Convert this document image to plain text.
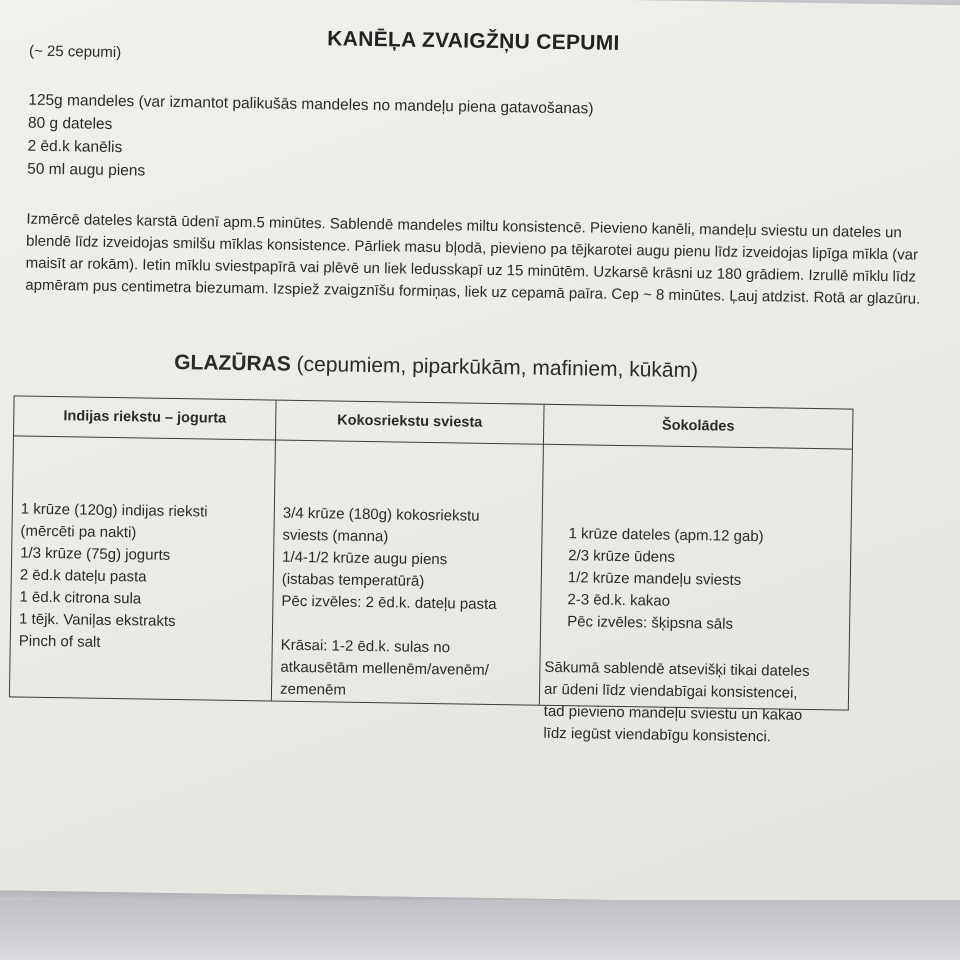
KANĒĻA ZVAIGŽŅU CEPUMI
(~ 25 cepumi)
125g mandeles (var izmantot palikušās mandeles no mandeļu piena gatavošanas)
80 g dateles
2 ēd.k kanēlis
50 ml augu piens
Izmērcē dateles karstā ūdenī apm.5 minūtes. Sablendē mandeles miltu konsistencē. Pievieno kanēli, mandeļu sviestu un dateles un blendē līdz izveidojas smilšu mīklas konsistence. Pārliek masu bļodā, pievieno pa tējkarotei augu pienu līdz izveidojas lipīga mīkla (var maisīt ar rokām). Ietin mīklu sviestpapīrā vai plēvē un liek ledusskapī uz 15 minūtēm. Uzkarsē krāsni uz 180 grādiem. Izrullē mīklu līdz apmēram pus centimetra biezumam. Izspiež zvaigznīšu formiņas, liek uz cepamā paīra. Cep ~ 8 minūtes. Ļauj atdzist. Rotā ar glazūru.
GLAZŪRAS (cepumiem, piparkūkām, mafiniem, kūkām)
Indijas riekstu – jogurta	Kokosriekstu sviesta	Šokolādes
1 krūze (120g) indijas rieksti
(mērcēti pa nakti)
1/3 krūze (75g) jogurts
2 ēd.k dateļu pasta
1 ēd.k citrona sula
1 tējk. Vaniļas ekstrakts
Pinch of salt
3/4 krūze (180g) kokosriekstu
sviests (manna)
1/4-1/2 krūze augu piens
(istabas temperatūrā)
Pēc izvēles: 2 ēd.k. dateļu pasta
Krāsai: 1-2 ēd.k. sulas no
atkausētām mellenēm/avenēm/
zemenēm
1 krūze dateles (apm.12 gab)
2/3 krūze ūdens
1/2 krūze mandeļu sviests
2-3 ēd.k. kakao
Pēc izvēles: šķipsna sāls
Sākumā sablendē atsevišķi tikai dateles
ar ūdeni līdz viendabīgai konsistencei,
tad pievieno mandeļu sviestu un kakao
līdz iegūst viendabīgu konsistenci.
